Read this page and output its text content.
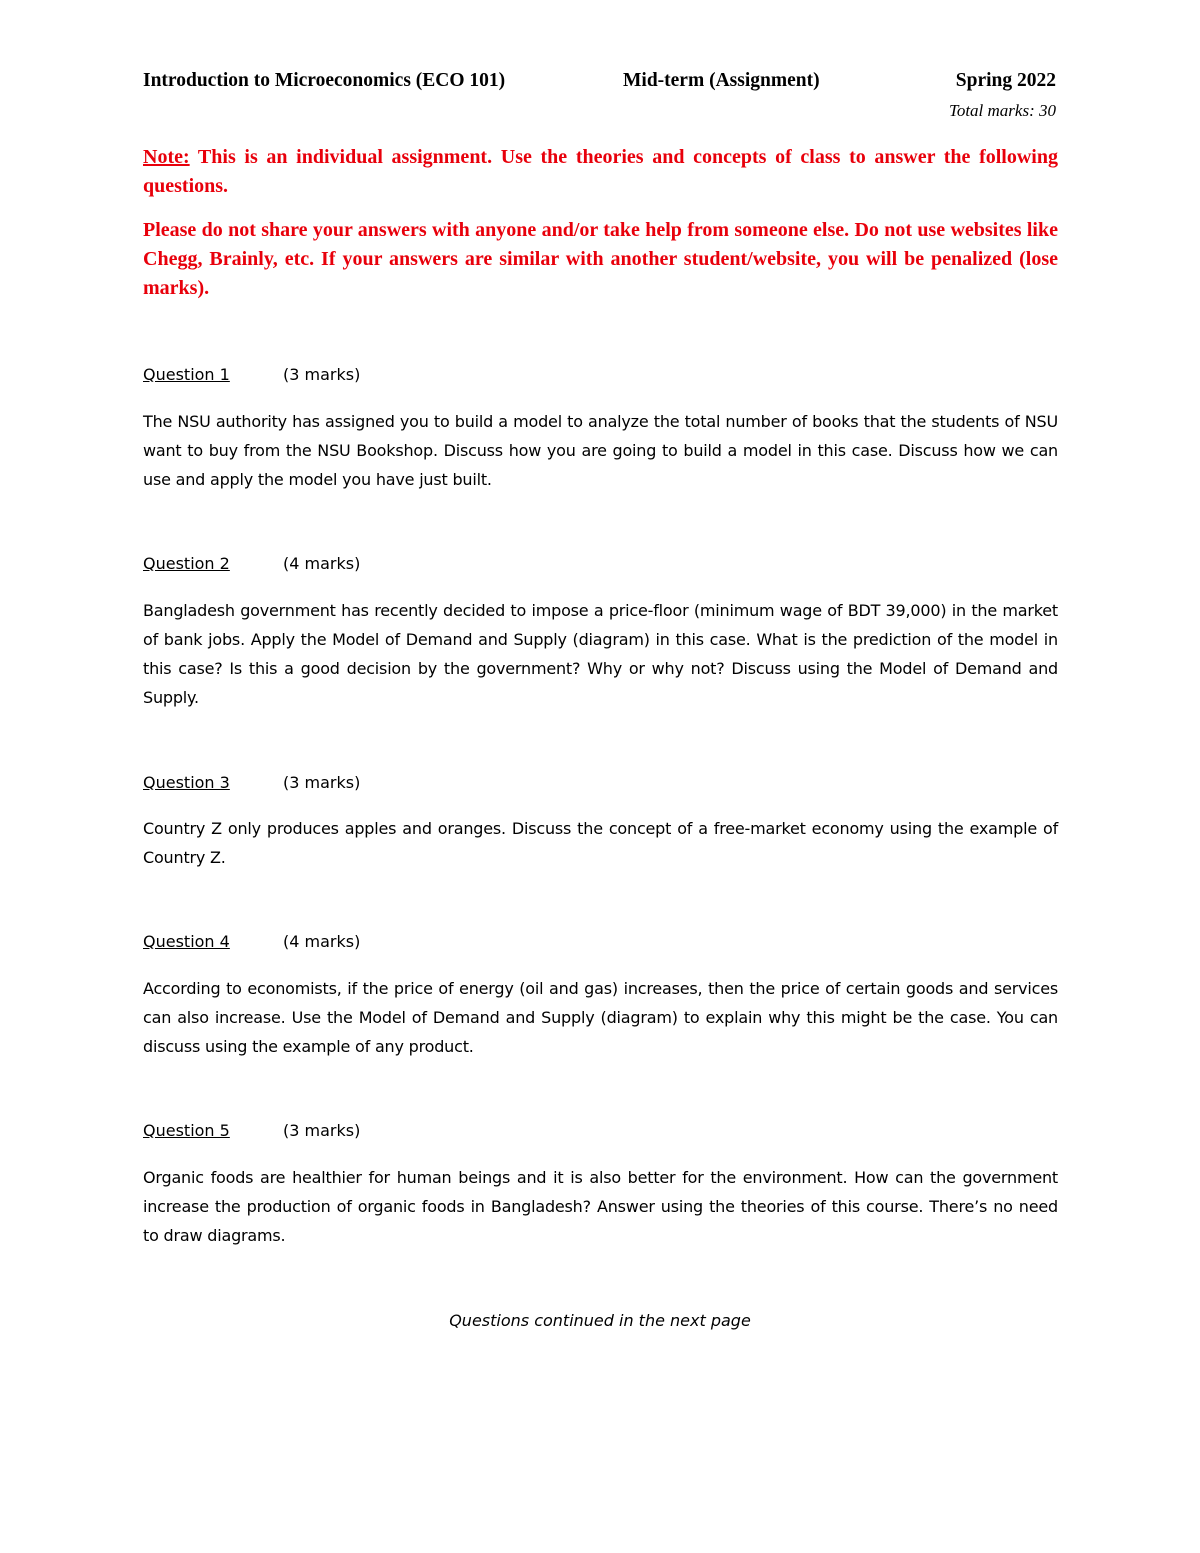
Introduction to Microeconomics (ECO 101)	Mid-term (Assignment)	Spring 2022
Total marks: 30

Note: This is an individual assignment. Use the theories and concepts of class to answer the following questions.

Please do not share your answers with anyone and/or take help from someone else. Do not use websites like Chegg, Brainly, etc. If your answers are similar with another student/website, you will be penalized (lose marks).

Question 1	(3 marks)

The NSU authority has assigned you to build a model to analyze the total number of books that the students of NSU want to buy from the NSU Bookshop. Discuss how you are going to build a model in this case. Discuss how we can use and apply the model you have just built.

Question 2	(4 marks)

Bangladesh government has recently decided to impose a price-floor (minimum wage of BDT 39,000) in the market of bank jobs. Apply the Model of Demand and Supply (diagram) in this case. What is the prediction of the model in this case? Is this a good decision by the government? Why or why not? Discuss using the Model of Demand and Supply.

Question 3	(3 marks)

Country Z only produces apples and oranges. Discuss the concept of a free-market economy using the example of Country Z.

Question 4	(4 marks)

According to economists, if the price of energy (oil and gas) increases, then the price of certain goods and services can also increase. Use the Model of Demand and Supply (diagram) to explain why this might be the case. You can discuss using the example of any product.

Question 5	(3 marks)

Organic foods are healthier for human beings and it is also better for the environment. How can the government increase the production of organic foods in Bangladesh? Answer using the theories of this course. There’s no need to draw diagrams.

Questions continued in the next page
